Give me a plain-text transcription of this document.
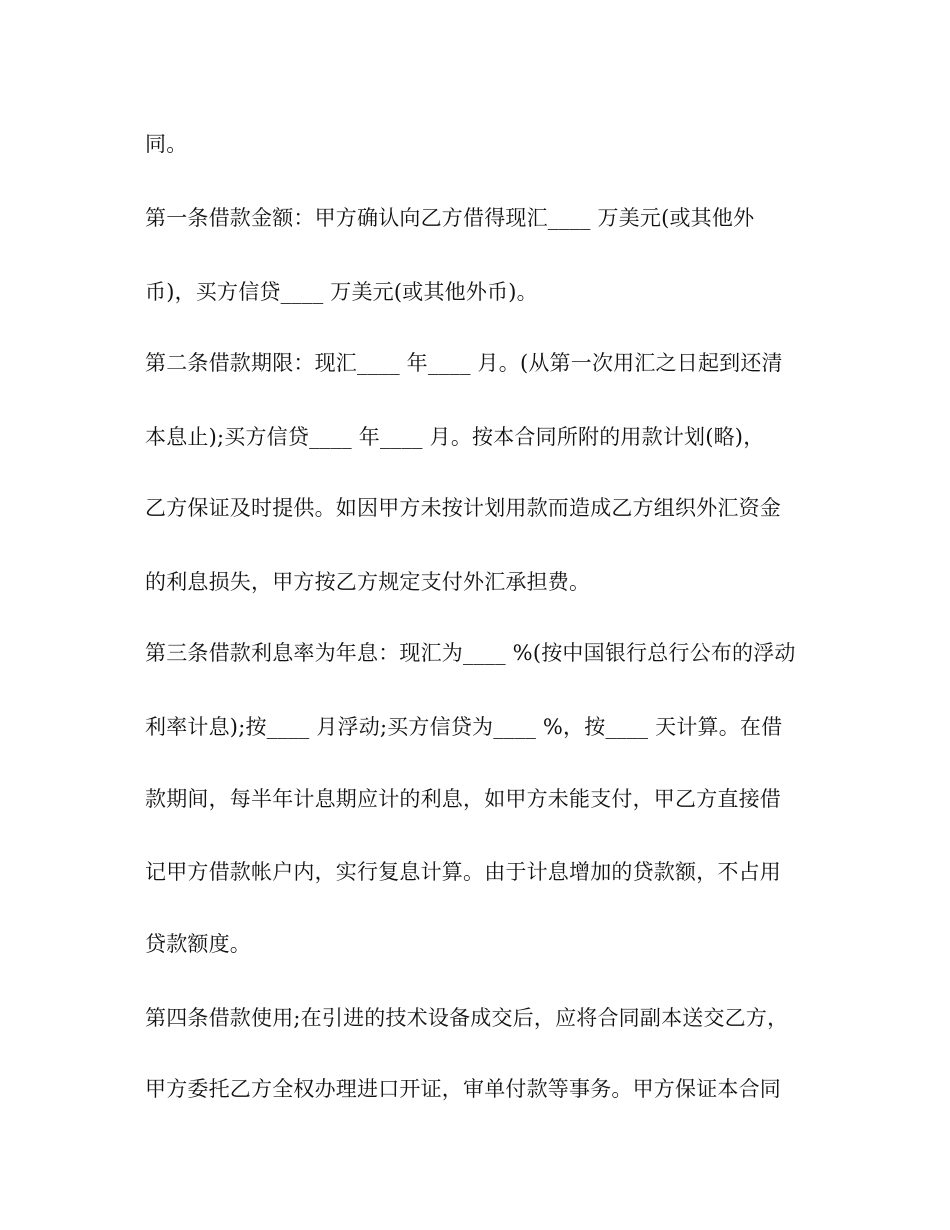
同。
第一条借款金额：甲方确认向乙方借得现汇____ 万美元(或其他外
币)，买方信贷____ 万美元(或其他外币)。
第二条借款期限：现汇____ 年____ 月。(从第一次用汇之日起到还清
本息止);买方信贷____ 年____ 月。按本合同所附的用款计划(略)，
乙方保证及时提供。如因甲方未按计划用款而造成乙方组织外汇资金
的利息损失，甲方按乙方规定支付外汇承担费。
第三条借款利息率为年息：现汇为____ %(按中国银行总行公布的浮动
利率计息);按____ 月浮动;买方信贷为____ %，按____ 天计算。在借
款期间，每半年计息期应计的利息，如甲方未能支付，甲乙方直接借
记甲方借款帐户内，实行复息计算。由于计息增加的贷款额，不占用
贷款额度。
第四条借款使用;在引进的技术设备成交后，应将合同副本送交乙方，
甲方委托乙方全权办理进口开证，审单付款等事务。甲方保证本合同
